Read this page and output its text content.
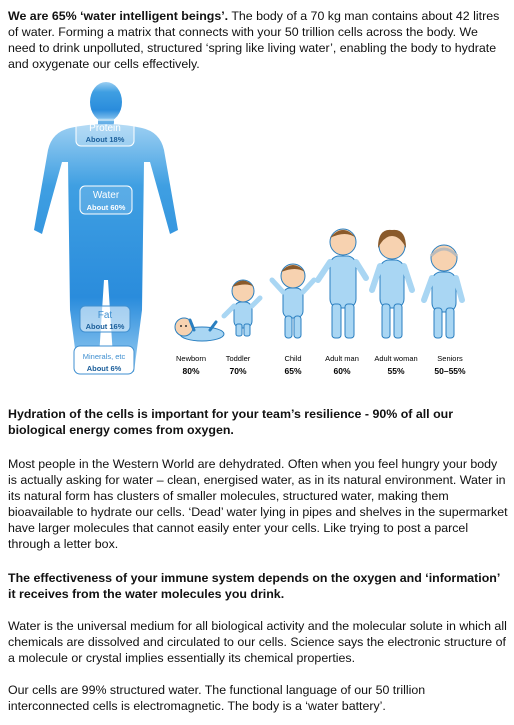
We are 65% ‘water intelligent beings’. The body of a 70 kg man contains about 42 litres of water. Forming a matrix that connects with your 50 trillion cells across the body. We need to drink unpolluted, structured ‘spring like living water’, enabling the body to hydrate and oxygenate our cells effectively.

Protein
About 18%
Water
About 60%
Fat
About 16%
Minerals, etc
About 6%
Newborn
80%
Toddler
70%
Child
65%
Adult man
60%
Adult woman
55%
Seniors
50–55%

Hydration of the cells is important for your team’s resilience - 90% of all our biological energy comes from oxygen.

Most people in the Western World are dehydrated. Often when you feel hungry your body is actually asking for water – clean, energised water, as in its natural environment. Water in its natural form has clusters of smaller molecules, structured water, making them bioavailable to hydrate our cells. ‘Dead’ water lying in pipes and shelves in the supermarket have larger molecules that cannot easily enter your cells. Like trying to post a parcel through a letter box.

The effectiveness of your immune system depends on the oxygen and ‘information’ it receives from the water molecules you drink.

Water is the universal medium for all biological activity and the molecular solute in which all chemicals are dissolved and circulated to our cells. Science says the electronic structure of a molecule or crystal implies essentially its chemical properties.

Our cells are 99% structured water. The functional language of our 50 trillion interconnected cells is electromagnetic. The body is a ‘water battery’.
